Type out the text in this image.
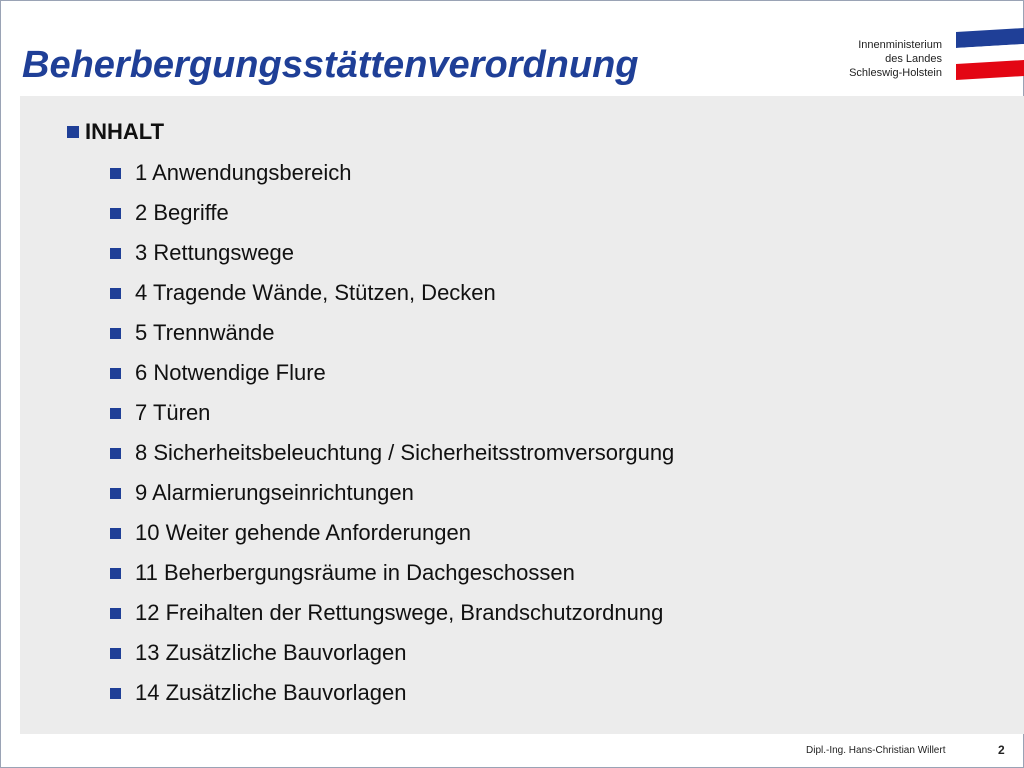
Beherbergungsstättenverordnung	Innenministerium
des Landes
Schleswig-Holstein
INHALT
1 Anwendungsbereich
2 Begriffe
3 Rettungswege
4 Tragende Wände, Stützen, Decken
5 Trennwände
6 Notwendige Flure
7 Türen
8 Sicherheitsbeleuchtung / Sicherheitsstromversorgung
9 Alarmierungseinrichtungen
10 Weiter gehende Anforderungen
11 Beherbergungsräume in Dachgeschossen
12 Freihalten der Rettungswege, Brandschutzordnung
13 Zusätzliche Bauvorlagen
14 Zusätzliche Bauvorlagen
Dipl.-Ing. Hans-Christian Willert	2
